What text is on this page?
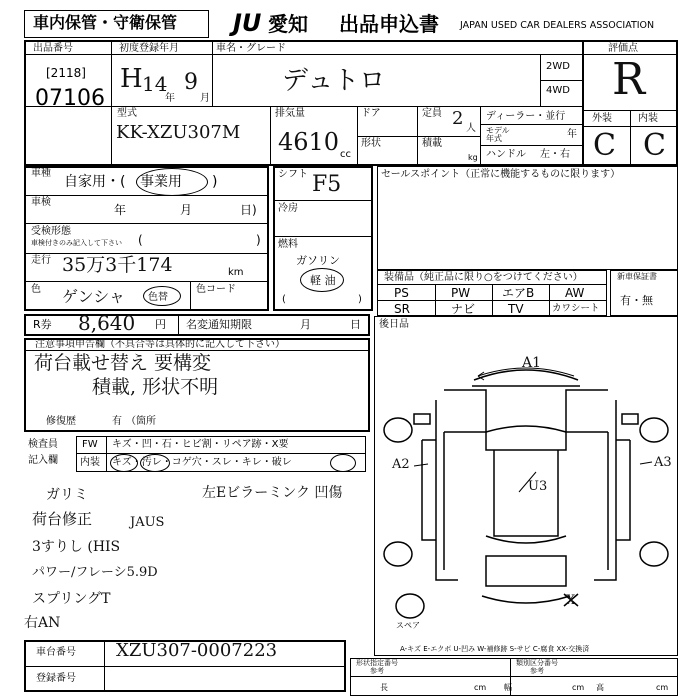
車内保管・守衛保管 JU 愛知 出品申込書 JAPAN USED CAR DEALERS ASSOCIATION
出品番号
[2118]
07106
初度登録年月
H 14
年
9
月
車名・グレード
デュトロ	2WD
4WD
評価点
R
型式
KK-XZU307M
排気量
4610 cc
ドア
形状
定員 2 人
積載
kg
ディーラー・並行
モデル
年式	年
ハンドル 左・右
外装	内装
C C
車種
自家用・( 事業用 )
車検
年	月	日)
受検形態
車検付きのみ記入して下さい (	)
走行 35万3千174	km
色 ゲンシャ 色替
色コード
シフト F5
冷房
燃料
ガソリン
軽 油
(	)
セールスポイント（正常に機能するものに限ります）
装備品（純正品に限り○をつけてください）
PS	PW	エアB	AW
SR	ナビ	TV	カワシート
新車保証書
有・無
R券 8,640 円 名変通知期限	月	日 後日品
注意事項申告欄（不具合等は具体的に記入して下さい）
荷台載せ替え 要構変
積載, 形状不明
修復歴	有 （箇所
検査員
記入欄
FW キズ・凹・石・ヒビ割・リペア跡・X要
内装 キズ・汚レ・コゲ穴・スレ・キレ・破レ
ガリミ	左Eビラーミンク 凹傷
荷台修正	JAUS
3すりし (HIS
パワー/フレーシ5.9D
スプリングT
右AN
A1
A2	A3
U3
X
スペア
A-キズ E-エクボ U-凹み W-補修跡 S-サビ C-腐食 XX-交換済
車台番号 XZU307-0007223
登録番号
形状指定番号
参考
類別区分番号
参考
長	cm 幅	cm 高	cm
